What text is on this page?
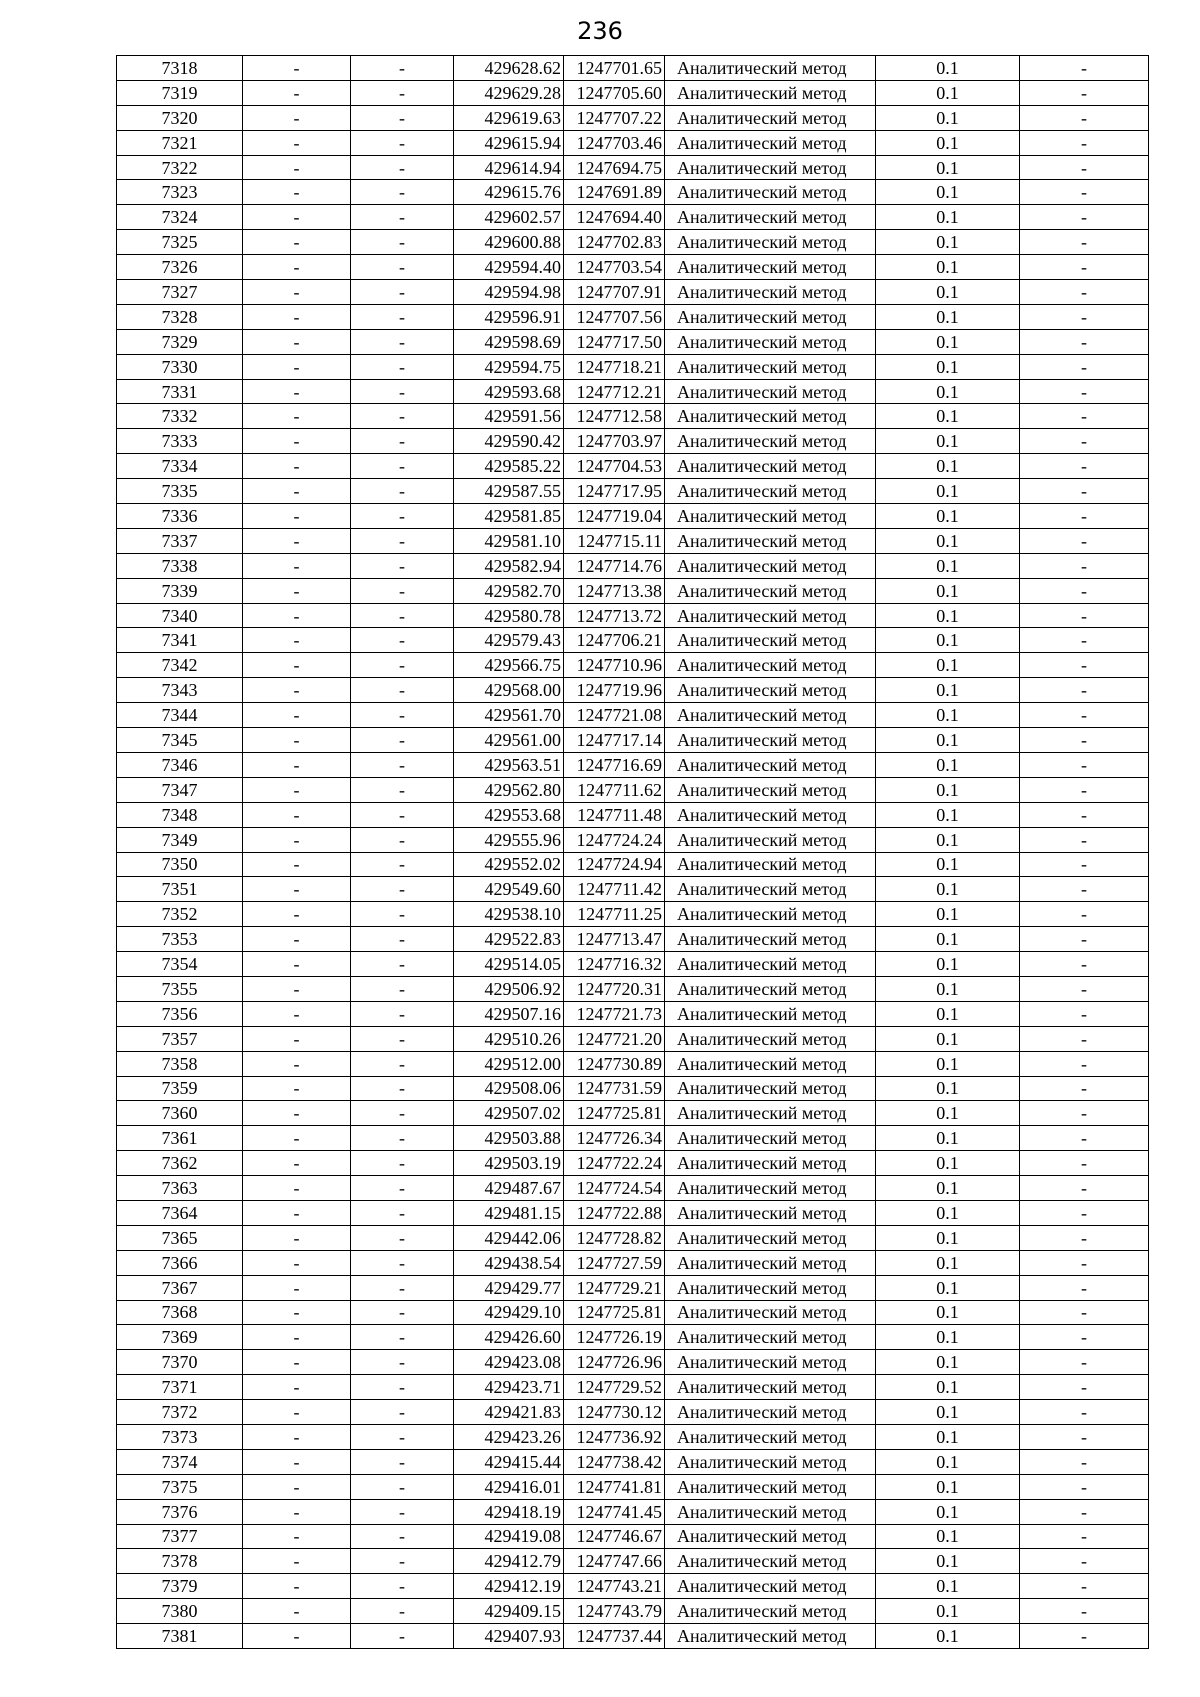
236
7318	-	-	429628.62	1247701.65	Аналитический метод	0.1	-
7319	-	-	429629.28	1247705.60	Аналитический метод	0.1	-
7320	-	-	429619.63	1247707.22	Аналитический метод	0.1	-
7321	-	-	429615.94	1247703.46	Аналитический метод	0.1	-
7322	-	-	429614.94	1247694.75	Аналитический метод	0.1	-
7323	-	-	429615.76	1247691.89	Аналитический метод	0.1	-
7324	-	-	429602.57	1247694.40	Аналитический метод	0.1	-
7325	-	-	429600.88	1247702.83	Аналитический метод	0.1	-
7326	-	-	429594.40	1247703.54	Аналитический метод	0.1	-
7327	-	-	429594.98	1247707.91	Аналитический метод	0.1	-
7328	-	-	429596.91	1247707.56	Аналитический метод	0.1	-
7329	-	-	429598.69	1247717.50	Аналитический метод	0.1	-
7330	-	-	429594.75	1247718.21	Аналитический метод	0.1	-
7331	-	-	429593.68	1247712.21	Аналитический метод	0.1	-
7332	-	-	429591.56	1247712.58	Аналитический метод	0.1	-
7333	-	-	429590.42	1247703.97	Аналитический метод	0.1	-
7334	-	-	429585.22	1247704.53	Аналитический метод	0.1	-
7335	-	-	429587.55	1247717.95	Аналитический метод	0.1	-
7336	-	-	429581.85	1247719.04	Аналитический метод	0.1	-
7337	-	-	429581.10	1247715.11	Аналитический метод	0.1	-
7338	-	-	429582.94	1247714.76	Аналитический метод	0.1	-
7339	-	-	429582.70	1247713.38	Аналитический метод	0.1	-
7340	-	-	429580.78	1247713.72	Аналитический метод	0.1	-
7341	-	-	429579.43	1247706.21	Аналитический метод	0.1	-
7342	-	-	429566.75	1247710.96	Аналитический метод	0.1	-
7343	-	-	429568.00	1247719.96	Аналитический метод	0.1	-
7344	-	-	429561.70	1247721.08	Аналитический метод	0.1	-
7345	-	-	429561.00	1247717.14	Аналитический метод	0.1	-
7346	-	-	429563.51	1247716.69	Аналитический метод	0.1	-
7347	-	-	429562.80	1247711.62	Аналитический метод	0.1	-
7348	-	-	429553.68	1247711.48	Аналитический метод	0.1	-
7349	-	-	429555.96	1247724.24	Аналитический метод	0.1	-
7350	-	-	429552.02	1247724.94	Аналитический метод	0.1	-
7351	-	-	429549.60	1247711.42	Аналитический метод	0.1	-
7352	-	-	429538.10	1247711.25	Аналитический метод	0.1	-
7353	-	-	429522.83	1247713.47	Аналитический метод	0.1	-
7354	-	-	429514.05	1247716.32	Аналитический метод	0.1	-
7355	-	-	429506.92	1247720.31	Аналитический метод	0.1	-
7356	-	-	429507.16	1247721.73	Аналитический метод	0.1	-
7357	-	-	429510.26	1247721.20	Аналитический метод	0.1	-
7358	-	-	429512.00	1247730.89	Аналитический метод	0.1	-
7359	-	-	429508.06	1247731.59	Аналитический метод	0.1	-
7360	-	-	429507.02	1247725.81	Аналитический метод	0.1	-
7361	-	-	429503.88	1247726.34	Аналитический метод	0.1	-
7362	-	-	429503.19	1247722.24	Аналитический метод	0.1	-
7363	-	-	429487.67	1247724.54	Аналитический метод	0.1	-
7364	-	-	429481.15	1247722.88	Аналитический метод	0.1	-
7365	-	-	429442.06	1247728.82	Аналитический метод	0.1	-
7366	-	-	429438.54	1247727.59	Аналитический метод	0.1	-
7367	-	-	429429.77	1247729.21	Аналитический метод	0.1	-
7368	-	-	429429.10	1247725.81	Аналитический метод	0.1	-
7369	-	-	429426.60	1247726.19	Аналитический метод	0.1	-
7370	-	-	429423.08	1247726.96	Аналитический метод	0.1	-
7371	-	-	429423.71	1247729.52	Аналитический метод	0.1	-
7372	-	-	429421.83	1247730.12	Аналитический метод	0.1	-
7373	-	-	429423.26	1247736.92	Аналитический метод	0.1	-
7374	-	-	429415.44	1247738.42	Аналитический метод	0.1	-
7375	-	-	429416.01	1247741.81	Аналитический метод	0.1	-
7376	-	-	429418.19	1247741.45	Аналитический метод	0.1	-
7377	-	-	429419.08	1247746.67	Аналитический метод	0.1	-
7378	-	-	429412.79	1247747.66	Аналитический метод	0.1	-
7379	-	-	429412.19	1247743.21	Аналитический метод	0.1	-
7380	-	-	429409.15	1247743.79	Аналитический метод	0.1	-
7381	-	-	429407.93	1247737.44	Аналитический метод	0.1	-
